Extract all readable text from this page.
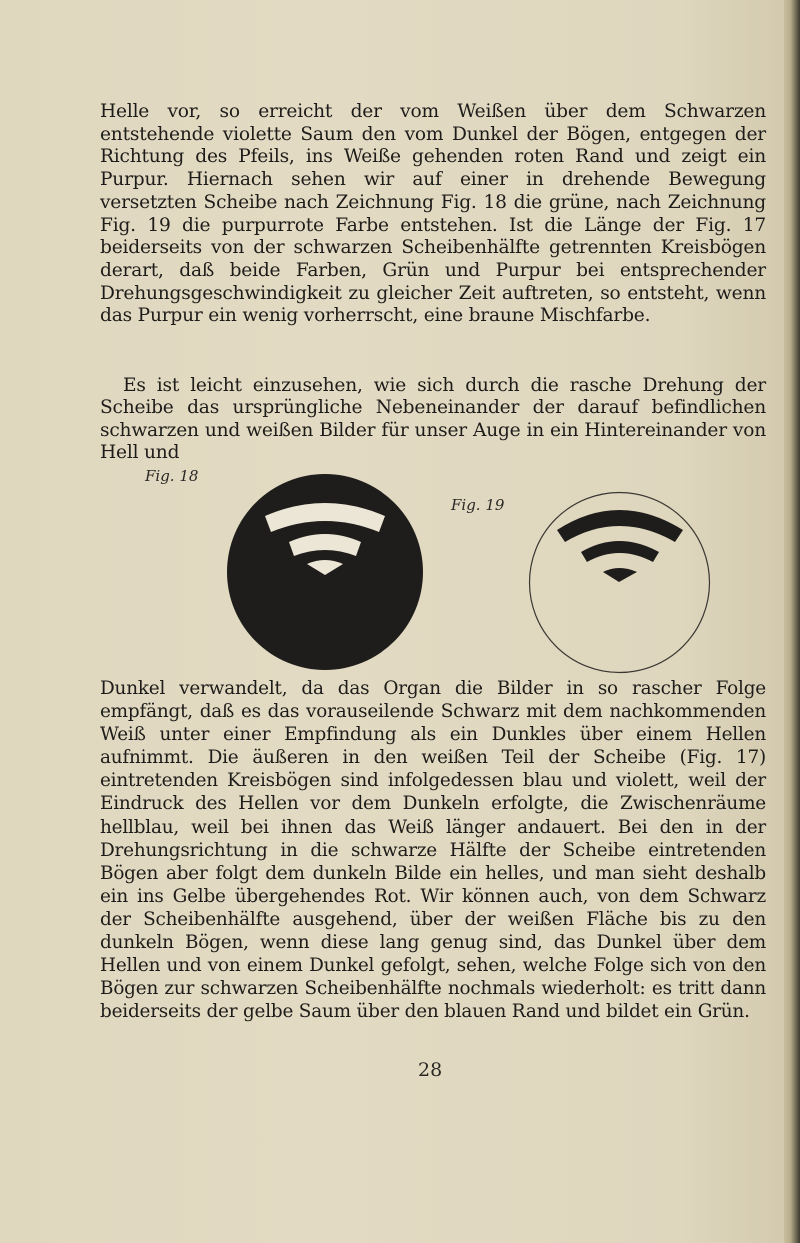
Helle vor, so erreicht der vom Weißen über dem Schwarzen entstehende violette Saum den vom Dunkel der Bögen, entgegen der Richtung des Pfeils, ins Weiße gehenden roten Rand und zeigt ein Purpur. Hiernach sehen wir auf einer in drehende Bewegung versetzten Scheibe nach Zeichnung Fig. 18 die grüne, nach Zeichnung Fig. 19 die purpurrote Farbe entstehen. Ist die Länge der Fig. 17 beiderseits von der schwarzen Scheibenhälfte getrennten Kreisbögen derart, daß beide Farben, Grün und Purpur bei entsprechender Drehungsgeschwindigkeit zu gleicher Zeit auftreten, so entsteht, wenn das Purpur ein wenig vorherrscht, eine braune Mischfarbe.

Es ist leicht einzusehen, wie sich durch die rasche Drehung der Scheibe das ursprüngliche Nebeneinander der darauf befindlichen schwarzen und weißen Bilder für unser Auge in ein Hintereinander von Hell und

Fig. 18
Fig. 19

Dunkel verwandelt, da das Organ die Bilder in so rascher Folge empfängt, daß es das vorauseilende Schwarz mit dem nachkommenden Weiß unter einer Empfindung als ein Dunkles über einem Hellen aufnimmt. Die äußeren in den weißen Teil der Scheibe (Fig. 17) eintretenden Kreisbögen sind infolgedessen blau und violett, weil der Eindruck des Hellen vor dem Dunkeln erfolgte, die Zwischenräume hellblau, weil bei ihnen das Weiß länger andauert. Bei den in der Drehungsrichtung in die schwarze Hälfte der Scheibe eintretenden Bögen aber folgt dem dunkeln Bilde ein helles, und man sieht deshalb ein ins Gelbe übergehendes Rot. Wir können auch, von dem Schwarz der Scheibenhälfte ausgehend, über der weißen Fläche bis zu den dunkeln Bögen, wenn diese lang genug sind, das Dunkel über dem Hellen und von einem Dunkel gefolgt, sehen, welche Folge sich von den Bögen zur schwarzen Scheibenhälfte nochmals wiederholt: es tritt dann beiderseits der gelbe Saum über den blauen Rand und bildet ein Grün.

28
